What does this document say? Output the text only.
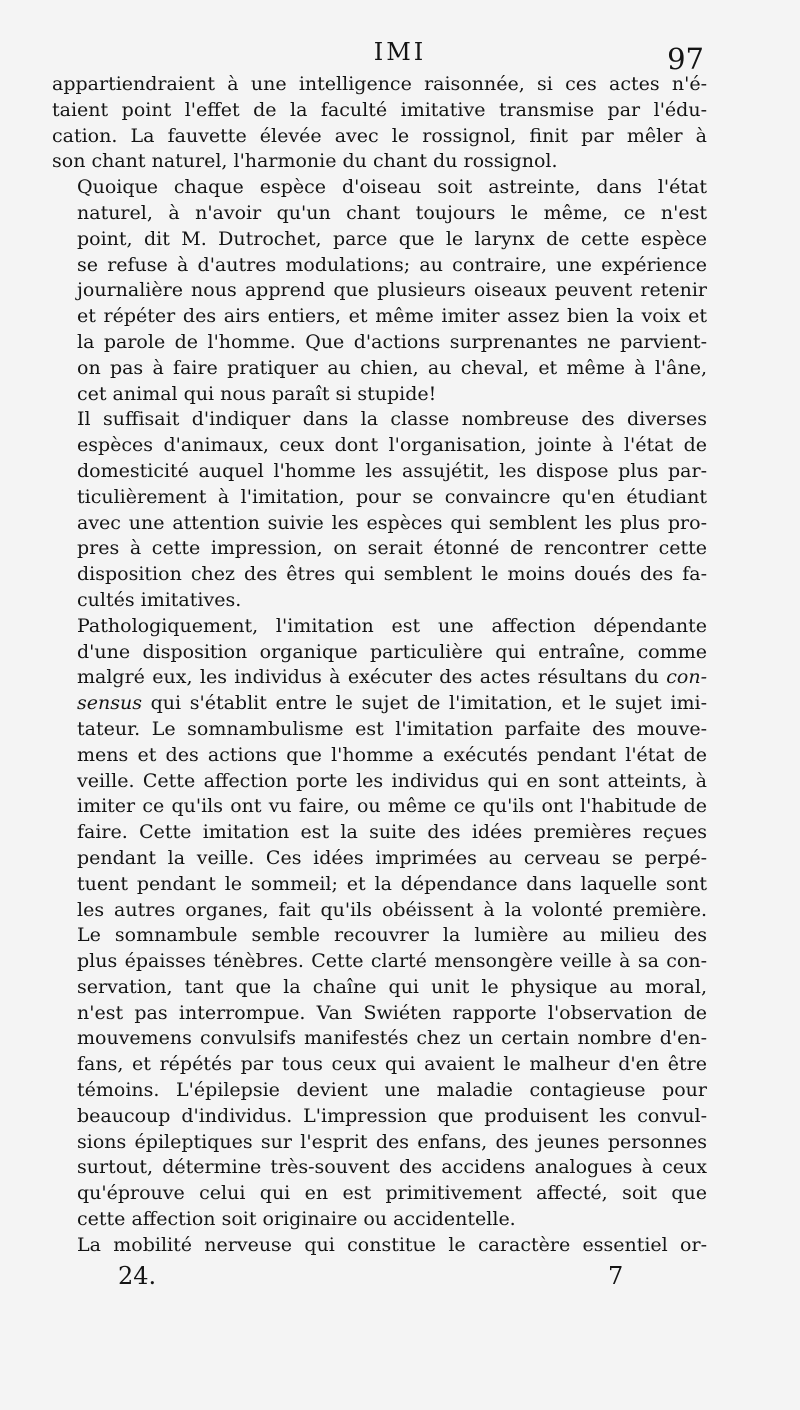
IMI	97

appartiendraient à une intelligence raisonnée, si ces actes n'é-
taient point l'effet de la faculté imitative transmise par l'édu-
cation. La fauvette élevée avec le rossignol, finit par mêler à
son chant naturel, l'harmonie du chant du rossignol.

Quoique chaque espèce d'oiseau soit astreinte, dans l'état
naturel, à n'avoir qu'un chant toujours le même, ce n'est
point, dit M. Dutrochet, parce que le larynx de cette espèce
se refuse à d'autres modulations; au contraire, une expérience
journalière nous apprend que plusieurs oiseaux peuvent retenir
et répéter des airs entiers, et même imiter assez bien la voix et
la parole de l'homme. Que d'actions surprenantes ne parvient-
on pas à faire pratiquer au chien, au cheval, et même à l'âne,
cet animal qui nous paraît si stupide!

Il suffisait d'indiquer dans la classe nombreuse des diverses
espèces d'animaux, ceux dont l'organisation, jointe à l'état de
domesticité auquel l'homme les assujétit, les dispose plus par-
ticulièrement à l'imitation, pour se convaincre qu'en étudiant
avec une attention suivie les espèces qui semblent les plus pro-
pres à cette impression, on serait étonné de rencontrer cette
disposition chez des êtres qui semblent le moins doués des fa-
cultés imitatives.

Pathologiquement, l'imitation est une affection dépendante
d'une disposition organique particulière qui entraîne, comme
malgré eux, les individus à exécuter des actes résultans du con-
sensus qui s'établit entre le sujet de l'imitation, et le sujet imi-
tateur. Le somnambulisme est l'imitation parfaite des mouve-
mens et des actions que l'homme a exécutés pendant l'état de
veille. Cette affection porte les individus qui en sont atteints, à
imiter ce qu'ils ont vu faire, ou même ce qu'ils ont l'habitude de
faire. Cette imitation est la suite des idées premières reçues
pendant la veille. Ces idées imprimées au cerveau se perpé-
tuent pendant le sommeil; et la dépendance dans laquelle sont
les autres organes, fait qu'ils obéissent à la volonté première.
Le somnambule semble recouvrer la lumière au milieu des
plus épaisses ténèbres. Cette clarté mensongère veille à sa con-
servation, tant que la chaîne qui unit le physique au moral,
n'est pas interrompue. Van Swiéten rapporte l'observation de
mouvemens convulsifs manifestés chez un certain nombre d'en-
fans, et répétés par tous ceux qui avaient le malheur d'en être
témoins. L'épilepsie devient une maladie contagieuse pour
beaucoup d'individus. L'impression que produisent les convul-
sions épileptiques sur l'esprit des enfans, des jeunes personnes
surtout, détermine très-souvent des accidens analogues à ceux
qu'éprouve celui qui en est primitivement affecté, soit que
cette affection soit originaire ou accidentelle.

La mobilité nerveuse qui constitue le caractère essentiel or-

24.	7
